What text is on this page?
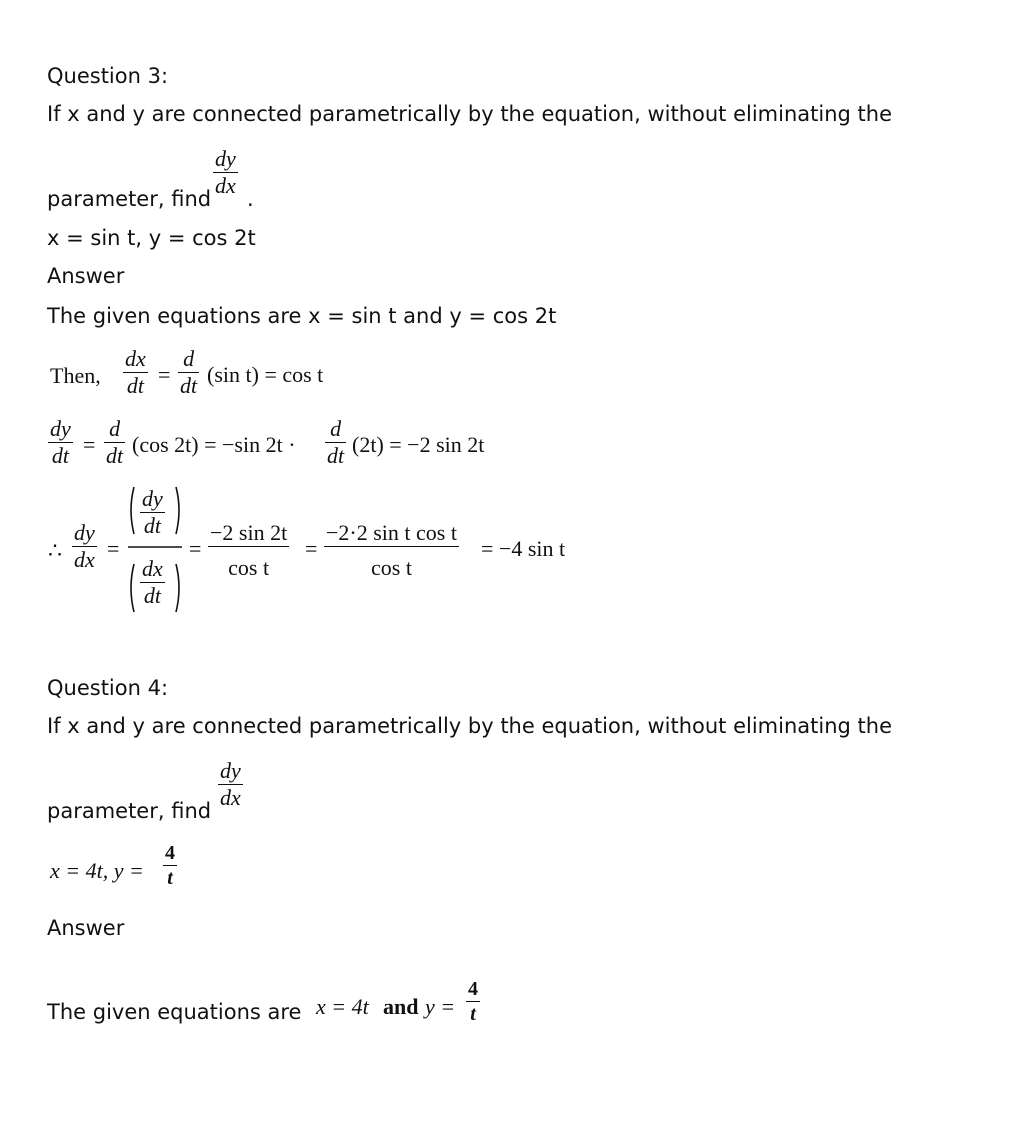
Question 3:
If x and y are connected parametrically by the equation, without eliminating the
$\frac{dy}{dx}$
parameter, find .
x = sin t, y = cos 2t
Answer
The given equations are x = sin t and y = cos 2t
Then, $\frac{dx}{dt} = \frac{d}{dt} (\sin$ t) = cos t
$\frac{dy}{dt} = \frac{d}{dt} (\cos$ 2t) = −sin $2t \cdot \frac{d}{dt} (2t) = -2$ sin 2t
∴ $\frac{dy}{dx}$ =
$\frac{dy}{dt}$
$\frac{dx}{dt}$
= $\frac{-2 \sin 2t}{\text{cos t}} = \frac{\text{−2·2 sin t cos t}}{\text{cos t}} = -4$ sin t
Question 4:
If x and y are connected parametrically by the equation, without eliminating the
$\frac{dy}{dx}$
parameter, find
x = 4t, $y = \frac{4}{t}$
Answer
The given equations are x = 4t and $y = \frac{4}{t}$
